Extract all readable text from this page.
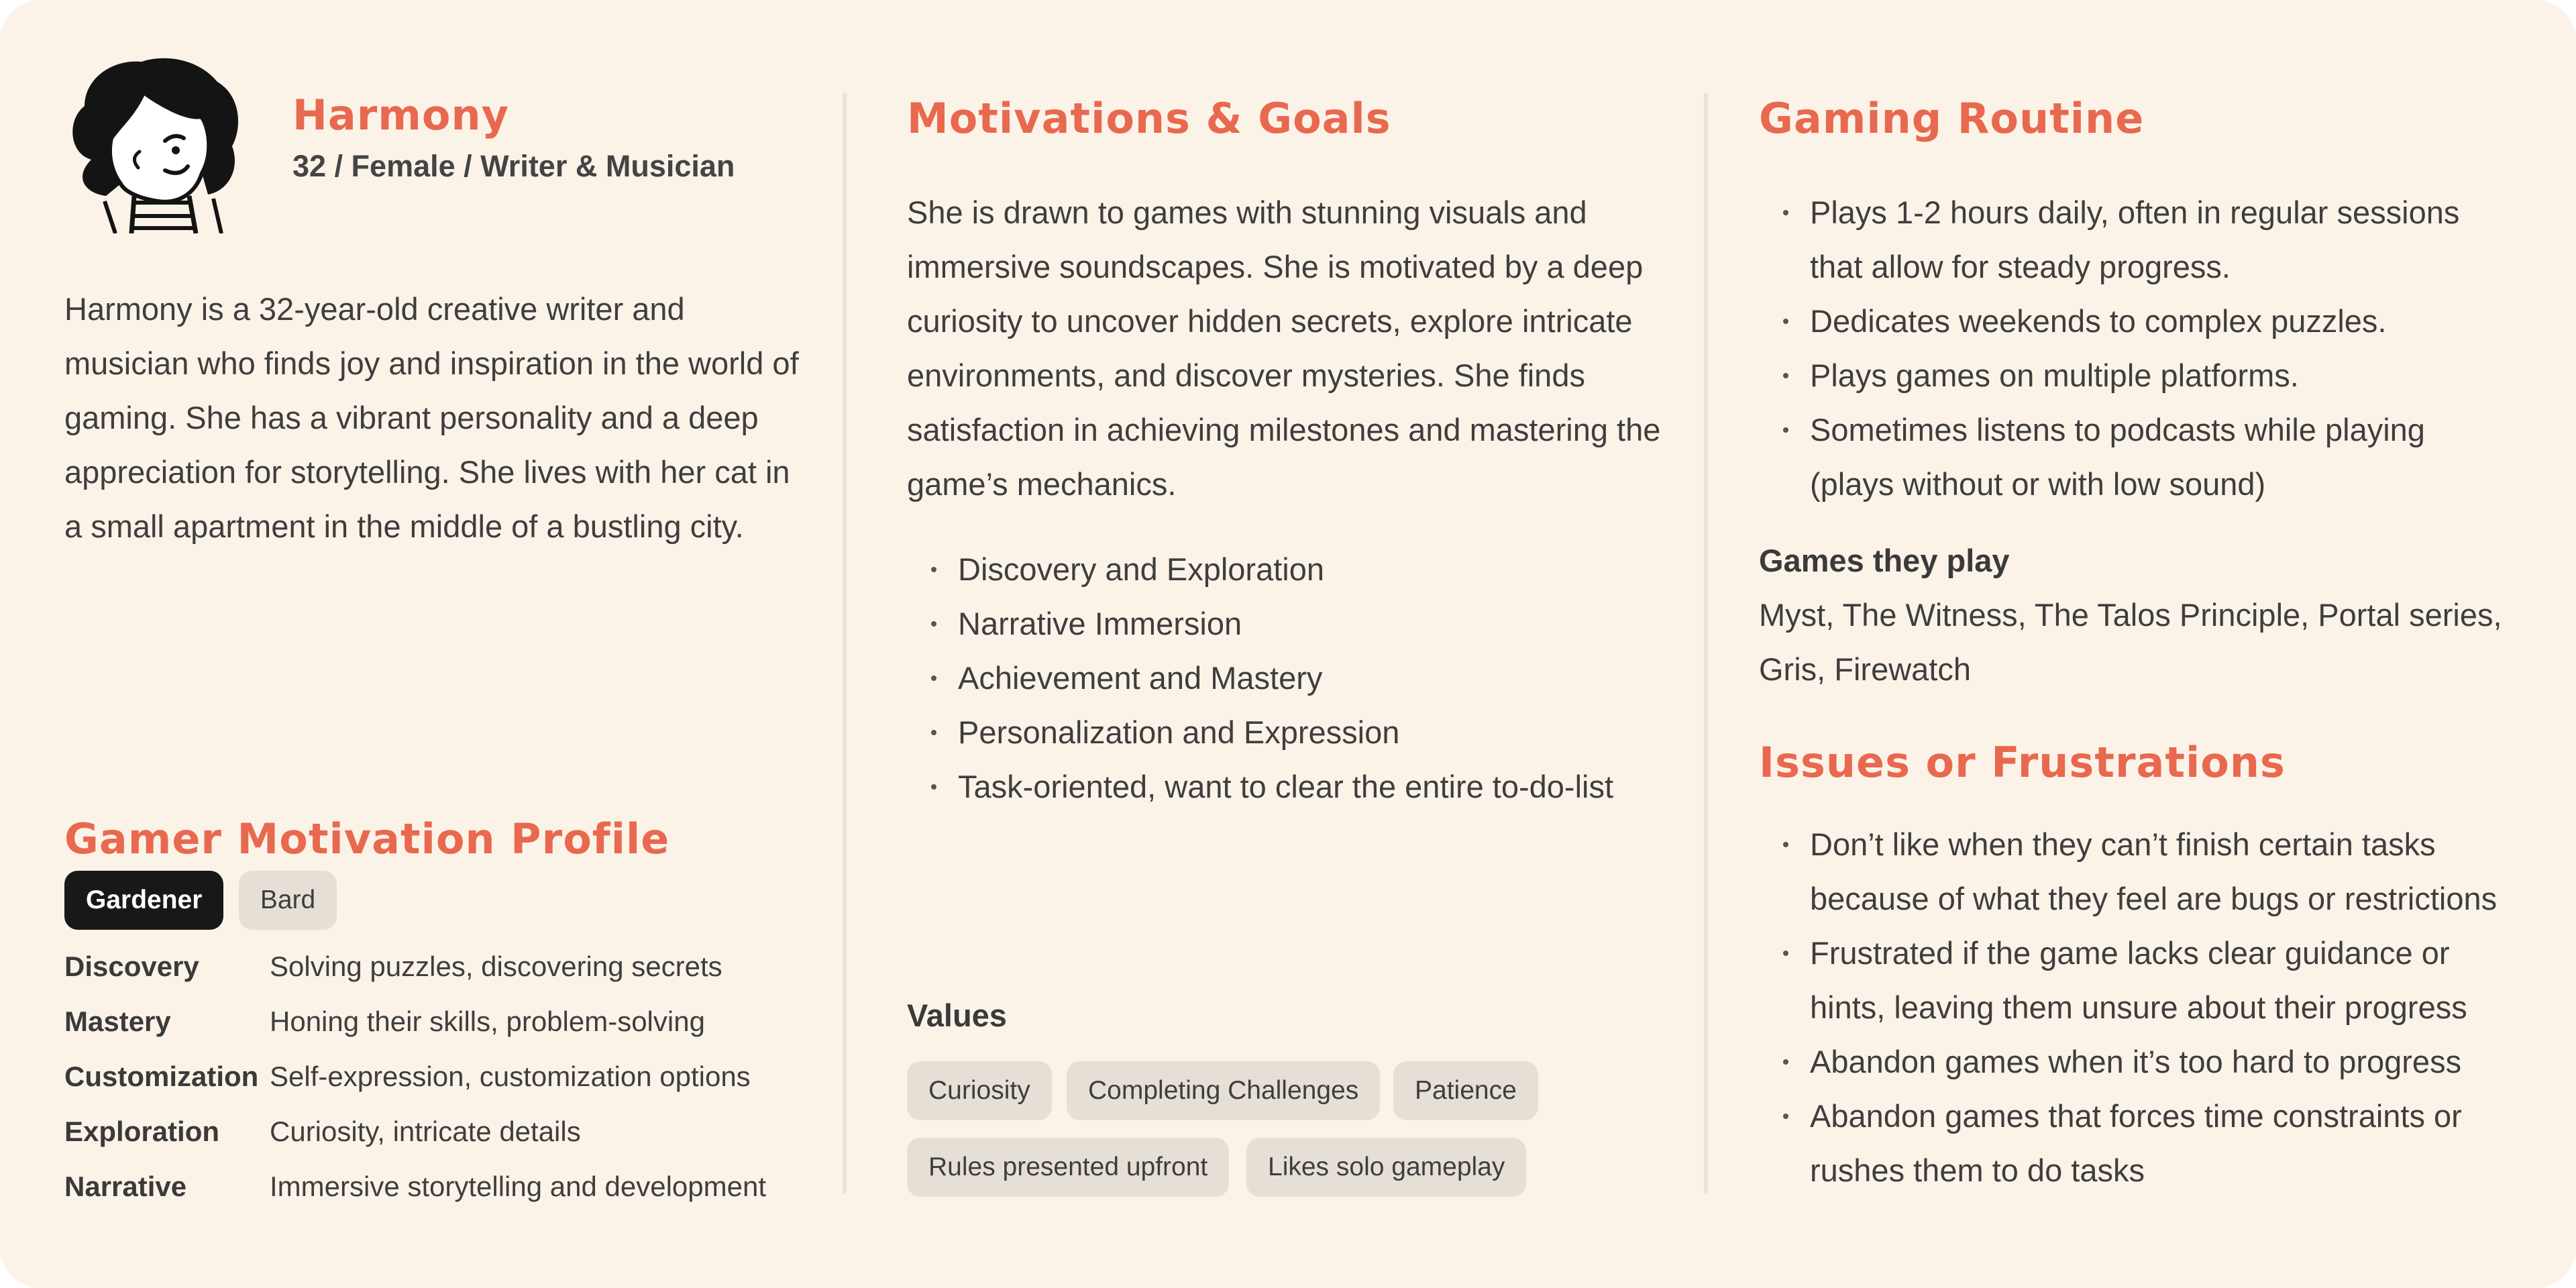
Harmony
32 / Female / Writer & Musician

Harmony is a 32-year-old creative writer and musician who finds joy and inspiration in the world of gaming. She has a vibrant personality and a deep appreciation for storytelling. She lives with her cat in a small apartment in the middle of a bustling city.

Gamer Motivation Profile
Gardener Bard
Discovery	Solving puzzles, discovering secrets
Mastery	Honing their skills, problem-solving
Customization Self-expression, customization options
Exploration Curiosity, intricate details
Narrative	Immersive storytelling and development
Motivations & Goals

She is drawn to games with stunning visuals and immersive soundscapes. She is motivated by a deep curiosity to uncover hidden secrets, explore intricate environments, and discover mysteries. She finds satisfaction in achieving milestones and mastering the game’s mechanics.

Discovery and Exploration
Narrative Immersion
Achievement and Mastery
Personalization and Expression
Task-oriented, want to clear the entire to-do-list
Values
Curiosity	Completing Challenges	Patience
Rules presented upfront	Likes solo gameplay
Gaming Routine
Plays 1-2 hours daily, often in regular sessions that allow for steady progress.
Dedicates weekends to complex puzzles.
Plays games on multiple platforms.
Sometimes listens to podcasts while playing (plays without or with low sound)
Games they play

Myst, The Witness, The Talos Principle, Portal series, Gris, Firewatch

Issues or Frustrations
Don’t like when they can’t finish certain tasks because of what they feel are bugs or restrictions
Frustrated if the game lacks clear guidance or hints, leaving them unsure about their progress
Abandon games when it’s too hard to progress
Abandon games that forces time constraints or rushes them to do tasks
